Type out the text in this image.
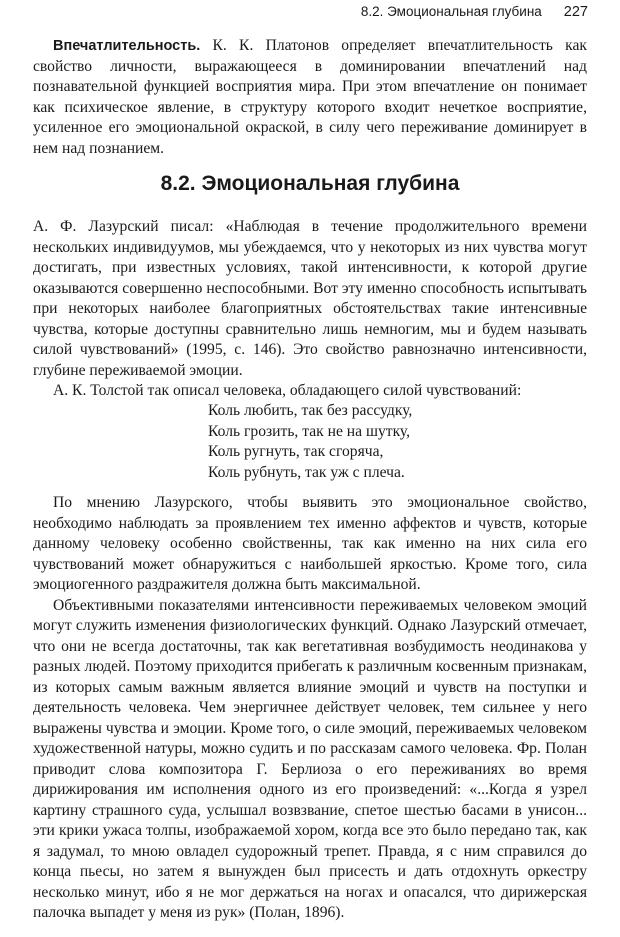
8.2. Эмоциональная глубина 227

Впечатлительность. К. К. Платонов определяет впечатлительность как свойство личности, выражающееся в доминировании впечатлений над познавательной функцией восприятия мира. При этом впечатление он понимает как психическое явление, в структуру которого входит нечеткое восприятие, усиленное его эмоциональной окраской, в силу чего переживание доминирует в нем над познанием.

8.2. Эмоциональная глубина

А. Ф. Лазурский писал: «Наблюдая в течение продолжительного времени нескольких индивидуумов, мы убеждаемся, что у некоторых из них чувства могут достигать, при известных условиях, такой интенсивности, к которой другие оказываются совершенно неспособными. Вот эту именно способность испытывать при некоторых наиболее благоприятных обстоятельствах такие интенсивные чувства, которые доступны сравнительно лишь немногим, мы и будем называть силой чувствований» (1995, с. 146). Это свойство равнозначно интенсивности, глубине переживаемой эмоции.

А. К. Толстой так описал человека, обладающего силой чувствований:

Коль любить, так без рассудку,
Коль грозить, так не на шутку,
Коль ругнуть, так сгоряча,
Коль рубнуть, так уж с плеча.

По мнению Лазурского, чтобы выявить это эмоциональное свойство, необходимо наблюдать за проявлением тех именно аффектов и чувств, которые данному человеку особенно свойственны, так как именно на них сила его чувствований может обнаружиться с наибольшей яркостью. Кроме того, сила эмоциогенного раздражителя должна быть максимальной.

Объективными показателями интенсивности переживаемых человеком эмоций могут служить изменения физиологических функций. Однако Лазурский отмечает, что они не всегда достаточны, так как вегетативная возбудимость неодинакова у разных людей. Поэтому приходится прибегать к различным косвенным признакам, из которых самым важным является влияние эмоций и чувств на поступки и деятельность человека. Чем энергичнее действует человек, тем сильнее у него выражены чувства и эмоции. Кроме того, о силе эмоций, переживаемых человеком художественной натуры, можно судить и по рассказам самого человека. Фр. Полан приводит слова композитора Г. Берлиоза о его переживаниях во время дирижирования им исполнения одного из его произведений: «...Когда я узрел картину страшного суда, услышал возвзвание, спетое шестью басами в унисон... эти крики ужаса толпы, изображаемой хором, когда все это было передано так, как я задумал, то мною овладел судорожный трепет. Правда, я с ним справился до конца пьесы, но затем я вынужден был присесть и дать отдохнуть оркестру несколько минут, ибо я не мог держаться на ногах и опасался, что дирижерская палочка выпадет у меня из рук» (Полан, 1896).
